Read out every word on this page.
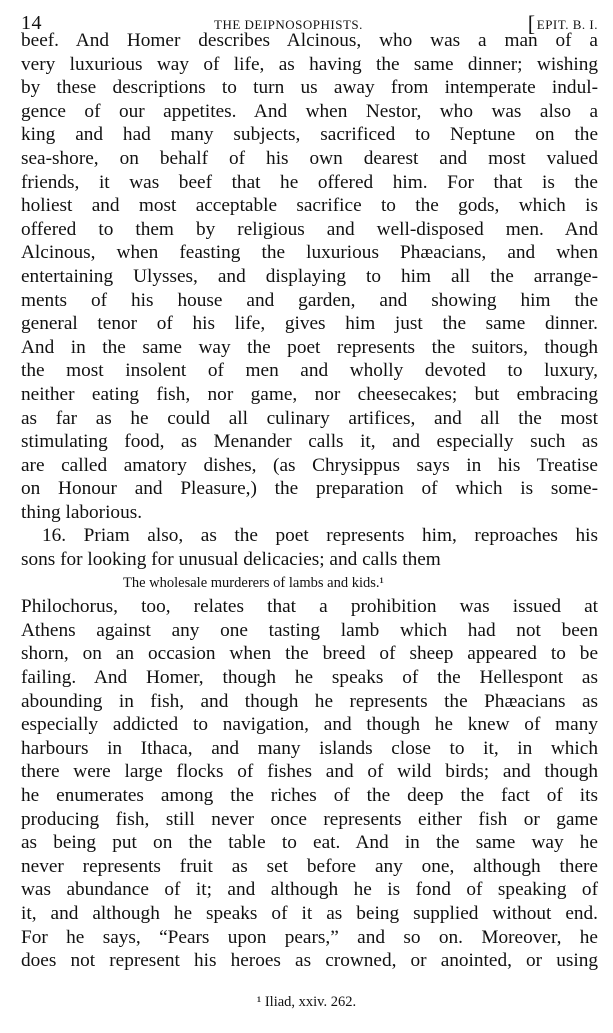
14	THE DEIPNOSOPHISTS.	[ EPIT. B. I.
beef. And Homer describes Alcinous, who was a man of a
very luxurious way of life, as having the same dinner; wishing
by these descriptions to turn us away from intemperate indul-
gence of our appetites. And when Nestor, who was also a
king and had many subjects, sacrificed to Neptune on the
sea-shore, on behalf of his own dearest and most valued
friends, it was beef that he offered him. For that is the
holiest and most acceptable sacrifice to the gods, which is
offered to them by religious and well-disposed men. And
Alcinous, when feasting the luxurious Phæacians, and when
entertaining Ulysses, and displaying to him all the arrange-
ments of his house and garden, and showing him the
general tenor of his life, gives him just the same dinner.
And in the same way the poet represents the suitors, though
the most insolent of men and wholly devoted to luxury,
neither eating fish, nor game, nor cheesecakes; but embracing
as far as he could all culinary artifices, and all the most
stimulating food, as Menander calls it, and especially such as
are called amatory dishes, (as Chrysippus says in his Treatise
on Honour and Pleasure,) the preparation of which is some-
thing laborious.
16. Priam also, as the poet represents him, reproaches his
sons for looking for unusual delicacies; and calls them
The wholesale murderers of lambs and kids.¹
Philochorus, too, relates that a prohibition was issued at
Athens against any one tasting lamb which had not been
shorn, on an occasion when the breed of sheep appeared to be
failing. And Homer, though he speaks of the Hellespont as
abounding in fish, and though he represents the Phæacians as
especially addicted to navigation, and though he knew of many
harbours in Ithaca, and many islands close to it, in which
there were large flocks of fishes and of wild birds; and though
he enumerates among the riches of the deep the fact of its
producing fish, still never once represents either fish or game
as being put on the table to eat. And in the same way he
never represents fruit as set before any one, although there
was abundance of it; and although he is fond of speaking of
it, and although he speaks of it as being supplied without end.
For he says, “Pears upon pears,” and so on. Moreover, he
does not represent his heroes as crowned, or anointed, or using
¹ Iliad, xxiv. 262.
